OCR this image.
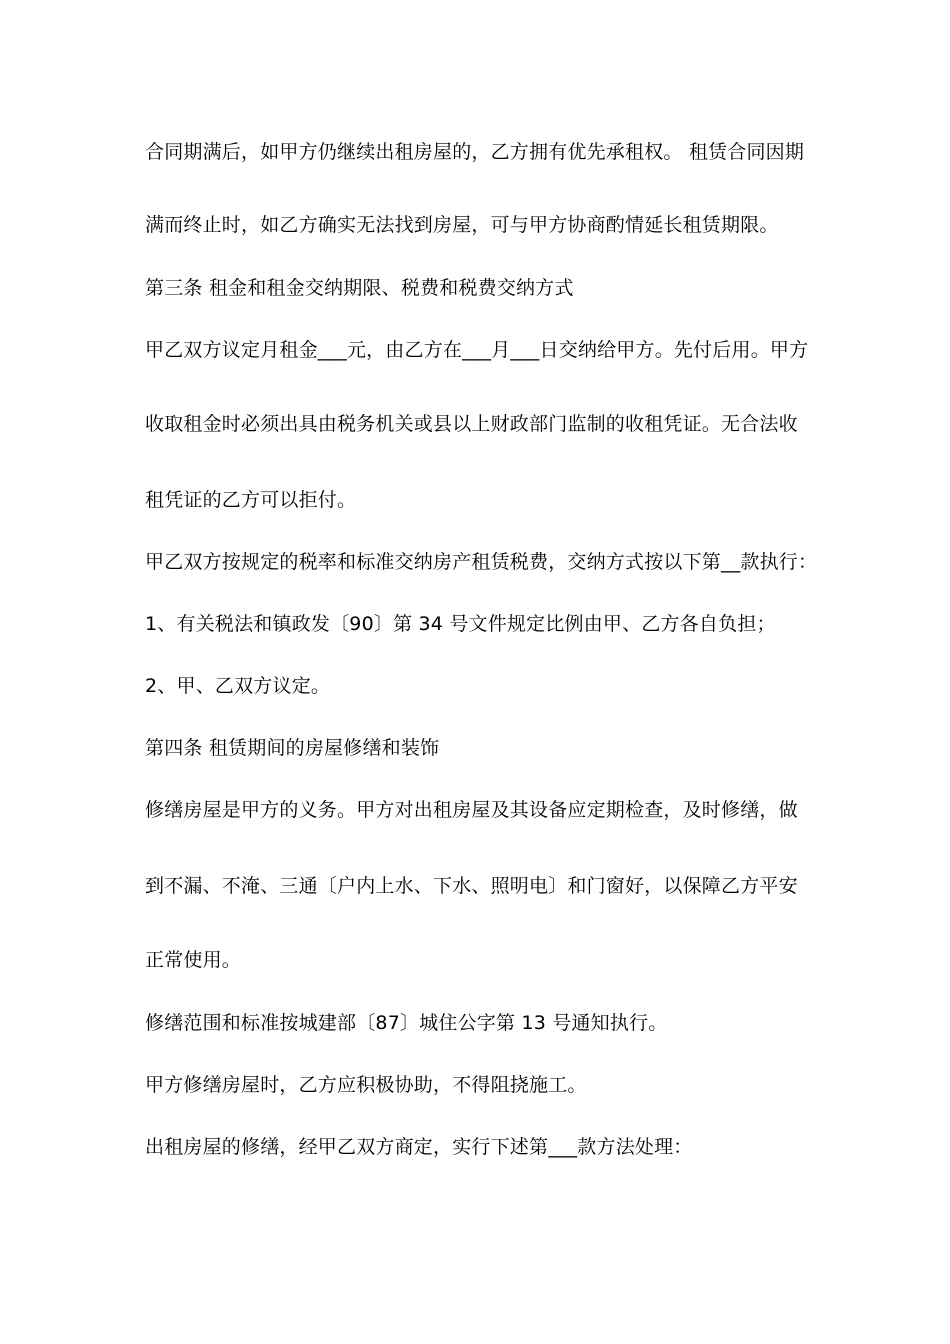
合同期满后，如甲方仍继续出租房屋的，乙方拥有优先承租权。 租赁合同因期
满而终止时，如乙方确实无法找到房屋，可与甲方协商酌情延长租赁期限。
第三条 租金和租金交纳期限、税费和税费交纳方式
甲乙双方议定月租金___元，由乙方在___月___日交纳给甲方。先付后用。甲方
收取租金时必须出具由税务机关或县以上财政部门监制的收租凭证。无合法收
租凭证的乙方可以拒付。
甲乙双方按规定的税率和标准交纳房产租赁税费，交纳方式按以下第__款执行：
1、有关税法和镇政发〔90〕第 34 号文件规定比例由甲、乙方各自负担；
2、甲、乙双方议定。
第四条 租赁期间的房屋修缮和装饰
修缮房屋是甲方的义务。甲方对出租房屋及其设备应定期检查，及时修缮，做
到不漏、不淹、三通〔户内上水、下水、照明电〕和门窗好，以保障乙方平安
正常使用。
修缮范围和标准按城建部〔87〕城住公字第 13 号通知执行。
甲方修缮房屋时，乙方应积极协助，不得阻挠施工。
出租房屋的修缮，经甲乙双方商定，实行下述第___款方法处理：
